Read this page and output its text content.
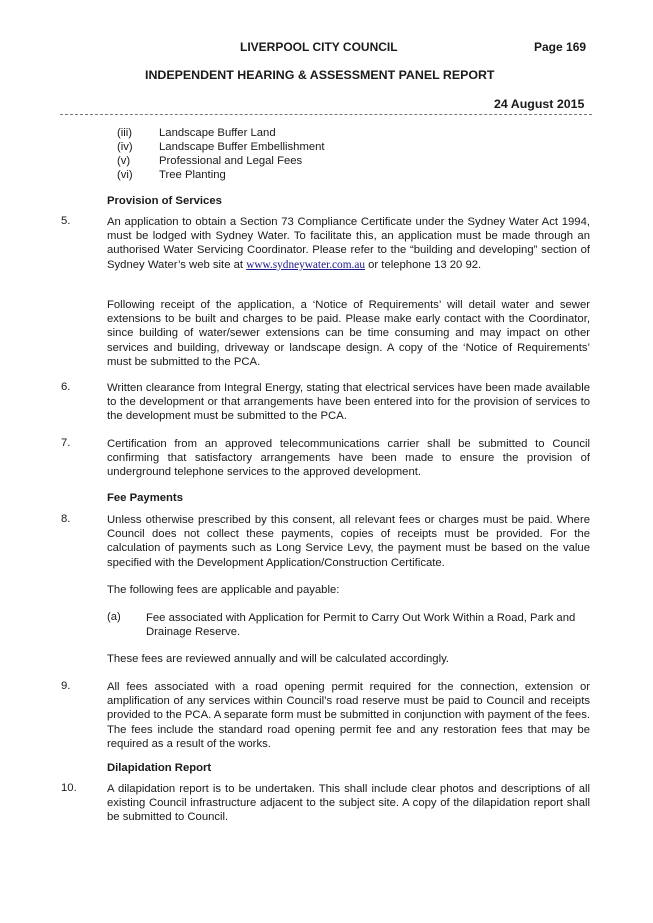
LIVERPOOL CITY COUNCIL	Page 169
INDEPENDENT HEARING & ASSESSMENT PANEL REPORT
24 August 2015
(iii) Landscape Buffer Land
(iv) Landscape Buffer Embellishment
(v)	Professional and Legal Fees
(vi) Tree Planting
Provision of Services
5.	An application to obtain a Section 73 Compliance Certificate under the Sydney Water Act 1994, must be lodged with Sydney Water. To facilitate this, an application must be made through an authorised Water Servicing Coordinator. Please refer to the “building and developing” section of Sydney Water’s web site at www.sydneywater.com.au or telephone 13 20 92.
Following receipt of the application, a ‘Notice of Requirements’ will detail water and sewer extensions to be built and charges to be paid. Please make early contact with the Coordinator, since building of water/sewer extensions can be time consuming and may impact on other services and building, driveway or landscape design. A copy of the ‘Notice of Requirements’ must be submitted to the PCA.
6.	Written clearance from Integral Energy, stating that electrical services have been made available to the development or that arrangements have been entered into for the provision of services to the development must be submitted to the PCA.
7.	Certification from an approved telecommunications carrier shall be submitted to Council confirming that satisfactory arrangements have been made to ensure the provision of underground telephone services to the approved development.
Fee Payments
8.	Unless otherwise prescribed by this consent, all relevant fees or charges must be paid. Where Council does not collect these payments, copies of receipts must be provided. For the calculation of payments such as Long Service Levy, the payment must be based on the value specified with the Development Application/Construction Certificate.
The following fees are applicable and payable:
(a) Fee associated with Application for Permit to Carry Out Work Within a Road, Park and Drainage Reserve.
These fees are reviewed annually and will be calculated accordingly.
9.	All fees associated with a road opening permit required for the connection, extension or amplification of any services within Council’s road reserve must be paid to Council and receipts provided to the PCA. A separate form must be submitted in conjunction with payment of the fees. The fees include the standard road opening permit fee and any restoration fees that may be required as a result of the works.
Dilapidation Report
10.	A dilapidation report is to be undertaken. This shall include clear photos and descriptions of all existing Council infrastructure adjacent to the subject site. A copy of the dilapidation report shall be submitted to Council.
